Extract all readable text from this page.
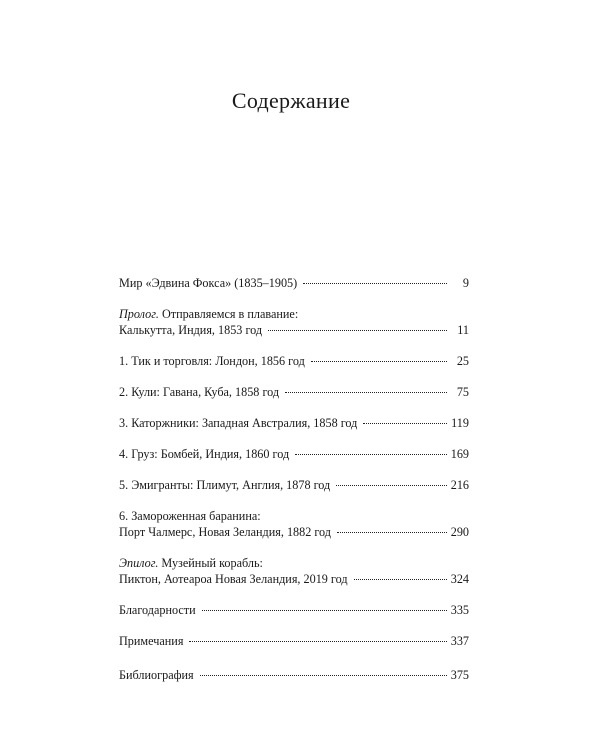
Содержание
Мир «Эдвина Фокса» (1835–1905)	9
Пролог. Отправляемся в плавание:
Калькутта, Индия, 1853 год	11
1. Тик и торговля: Лондон, 1856 год	25
2. Кули: Гавана, Куба, 1858 год	75
3. Каторжники: Западная Австралия, 1858 год	119
4. Груз: Бомбей, Индия, 1860 год	169
5. Эмигранты: Плимут, Англия, 1878 год	216
6. Замороженная баранина:
Порт Чалмерс, Новая Зеландия, 1882 год	290
Эпилог. Музейный корабль:
Пиктон, Аотеароа Новая Зеландия, 2019 год	324
Благодарности	335
Примечания	337
Библиография	375
